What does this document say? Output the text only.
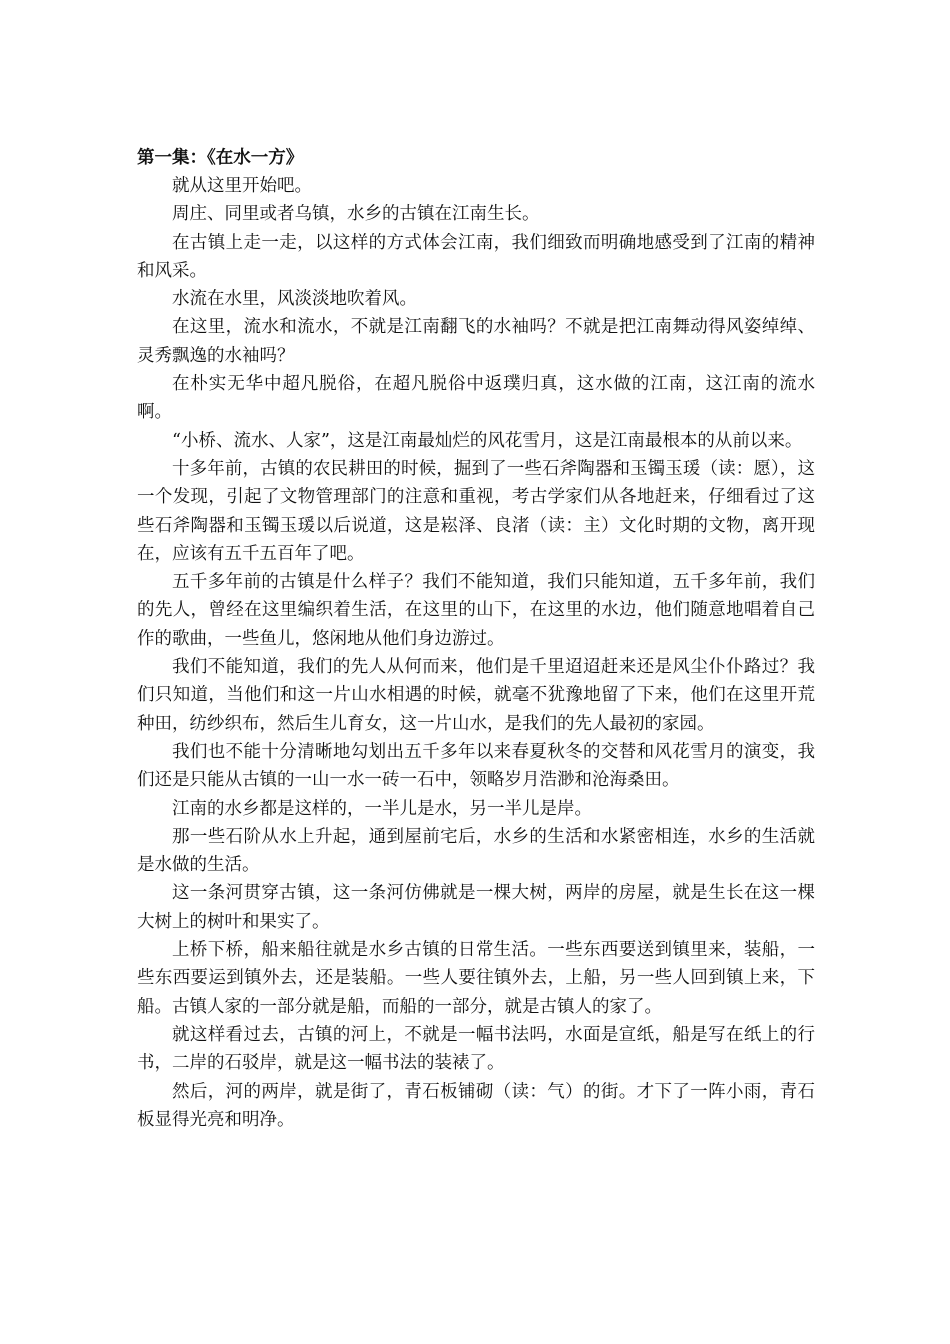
第一集：《在水一方》

就从这里开始吧。

周庄、同里或者乌镇，水乡的古镇在江南生长。

在古镇上走一走，以这样的方式体会江南，我们细致而明确地感受到了江南的精神和风采。

水流在水里，风淡淡地吹着风。

在这里，流水和流水，不就是江南翻飞的水袖吗？不就是把江南舞动得风姿绰绰、灵秀飘逸的水袖吗？

在朴实无华中超凡脱俗，在超凡脱俗中返璞归真，这水做的江南，这江南的流水啊。

“小桥、流水、人家”，这是江南最灿烂的风花雪月，这是江南最根本的从前以来。

十多年前，古镇的农民耕田的时候，掘到了一些石斧陶器和玉镯玉瑗（读：愿），这一个发现，引起了文物管理部门的注意和重视，考古学家们从各地赶来，仔细看过了这些石斧陶器和玉镯玉瑗以后说道，这是崧泽、良渚（读：主）文化时期的文物，离开现在，应该有五千五百年了吧。

五千多年前的古镇是什么样子？我们不能知道，我们只能知道，五千多年前，我们的先人，曾经在这里编织着生活，在这里的山下，在这里的水边，他们随意地唱着自己作的歌曲，一些鱼儿，悠闲地从他们身边游过。

我们不能知道，我们的先人从何而来，他们是千里迢迢赶来还是风尘仆仆路过？我们只知道，当他们和这一片山水相遇的时候，就毫不犹豫地留了下来，他们在这里开荒种田，纺纱织布，然后生儿育女，这一片山水，是我们的先人最初的家园。

我们也不能十分清晰地勾划出五千多年以来春夏秋冬的交替和风花雪月的演变，我们还是只能从古镇的一山一水一砖一石中，领略岁月浩渺和沧海桑田。

江南的水乡都是这样的，一半儿是水，另一半儿是岸。

那一些石阶从水上升起，通到屋前宅后，水乡的生活和水紧密相连，水乡的生活就是水做的生活。

这一条河贯穿古镇，这一条河仿佛就是一棵大树，两岸的房屋，就是生长在这一棵大树上的树叶和果实了。

上桥下桥，船来船往就是水乡古镇的日常生活。一些东西要送到镇里来，装船，一些东西要运到镇外去，还是装船。一些人要往镇外去，上船，另一些人回到镇上来，下船。古镇人家的一部分就是船，而船的一部分，就是古镇人的家了。

就这样看过去，古镇的河上，不就是一幅书法吗，水面是宣纸，船是写在纸上的行书，二岸的石驳岸，就是这一幅书法的装裱了。

然后，河的两岸，就是街了，青石板铺砌（读：气）的街。才下了一阵小雨，青石板显得光亮和明净。
